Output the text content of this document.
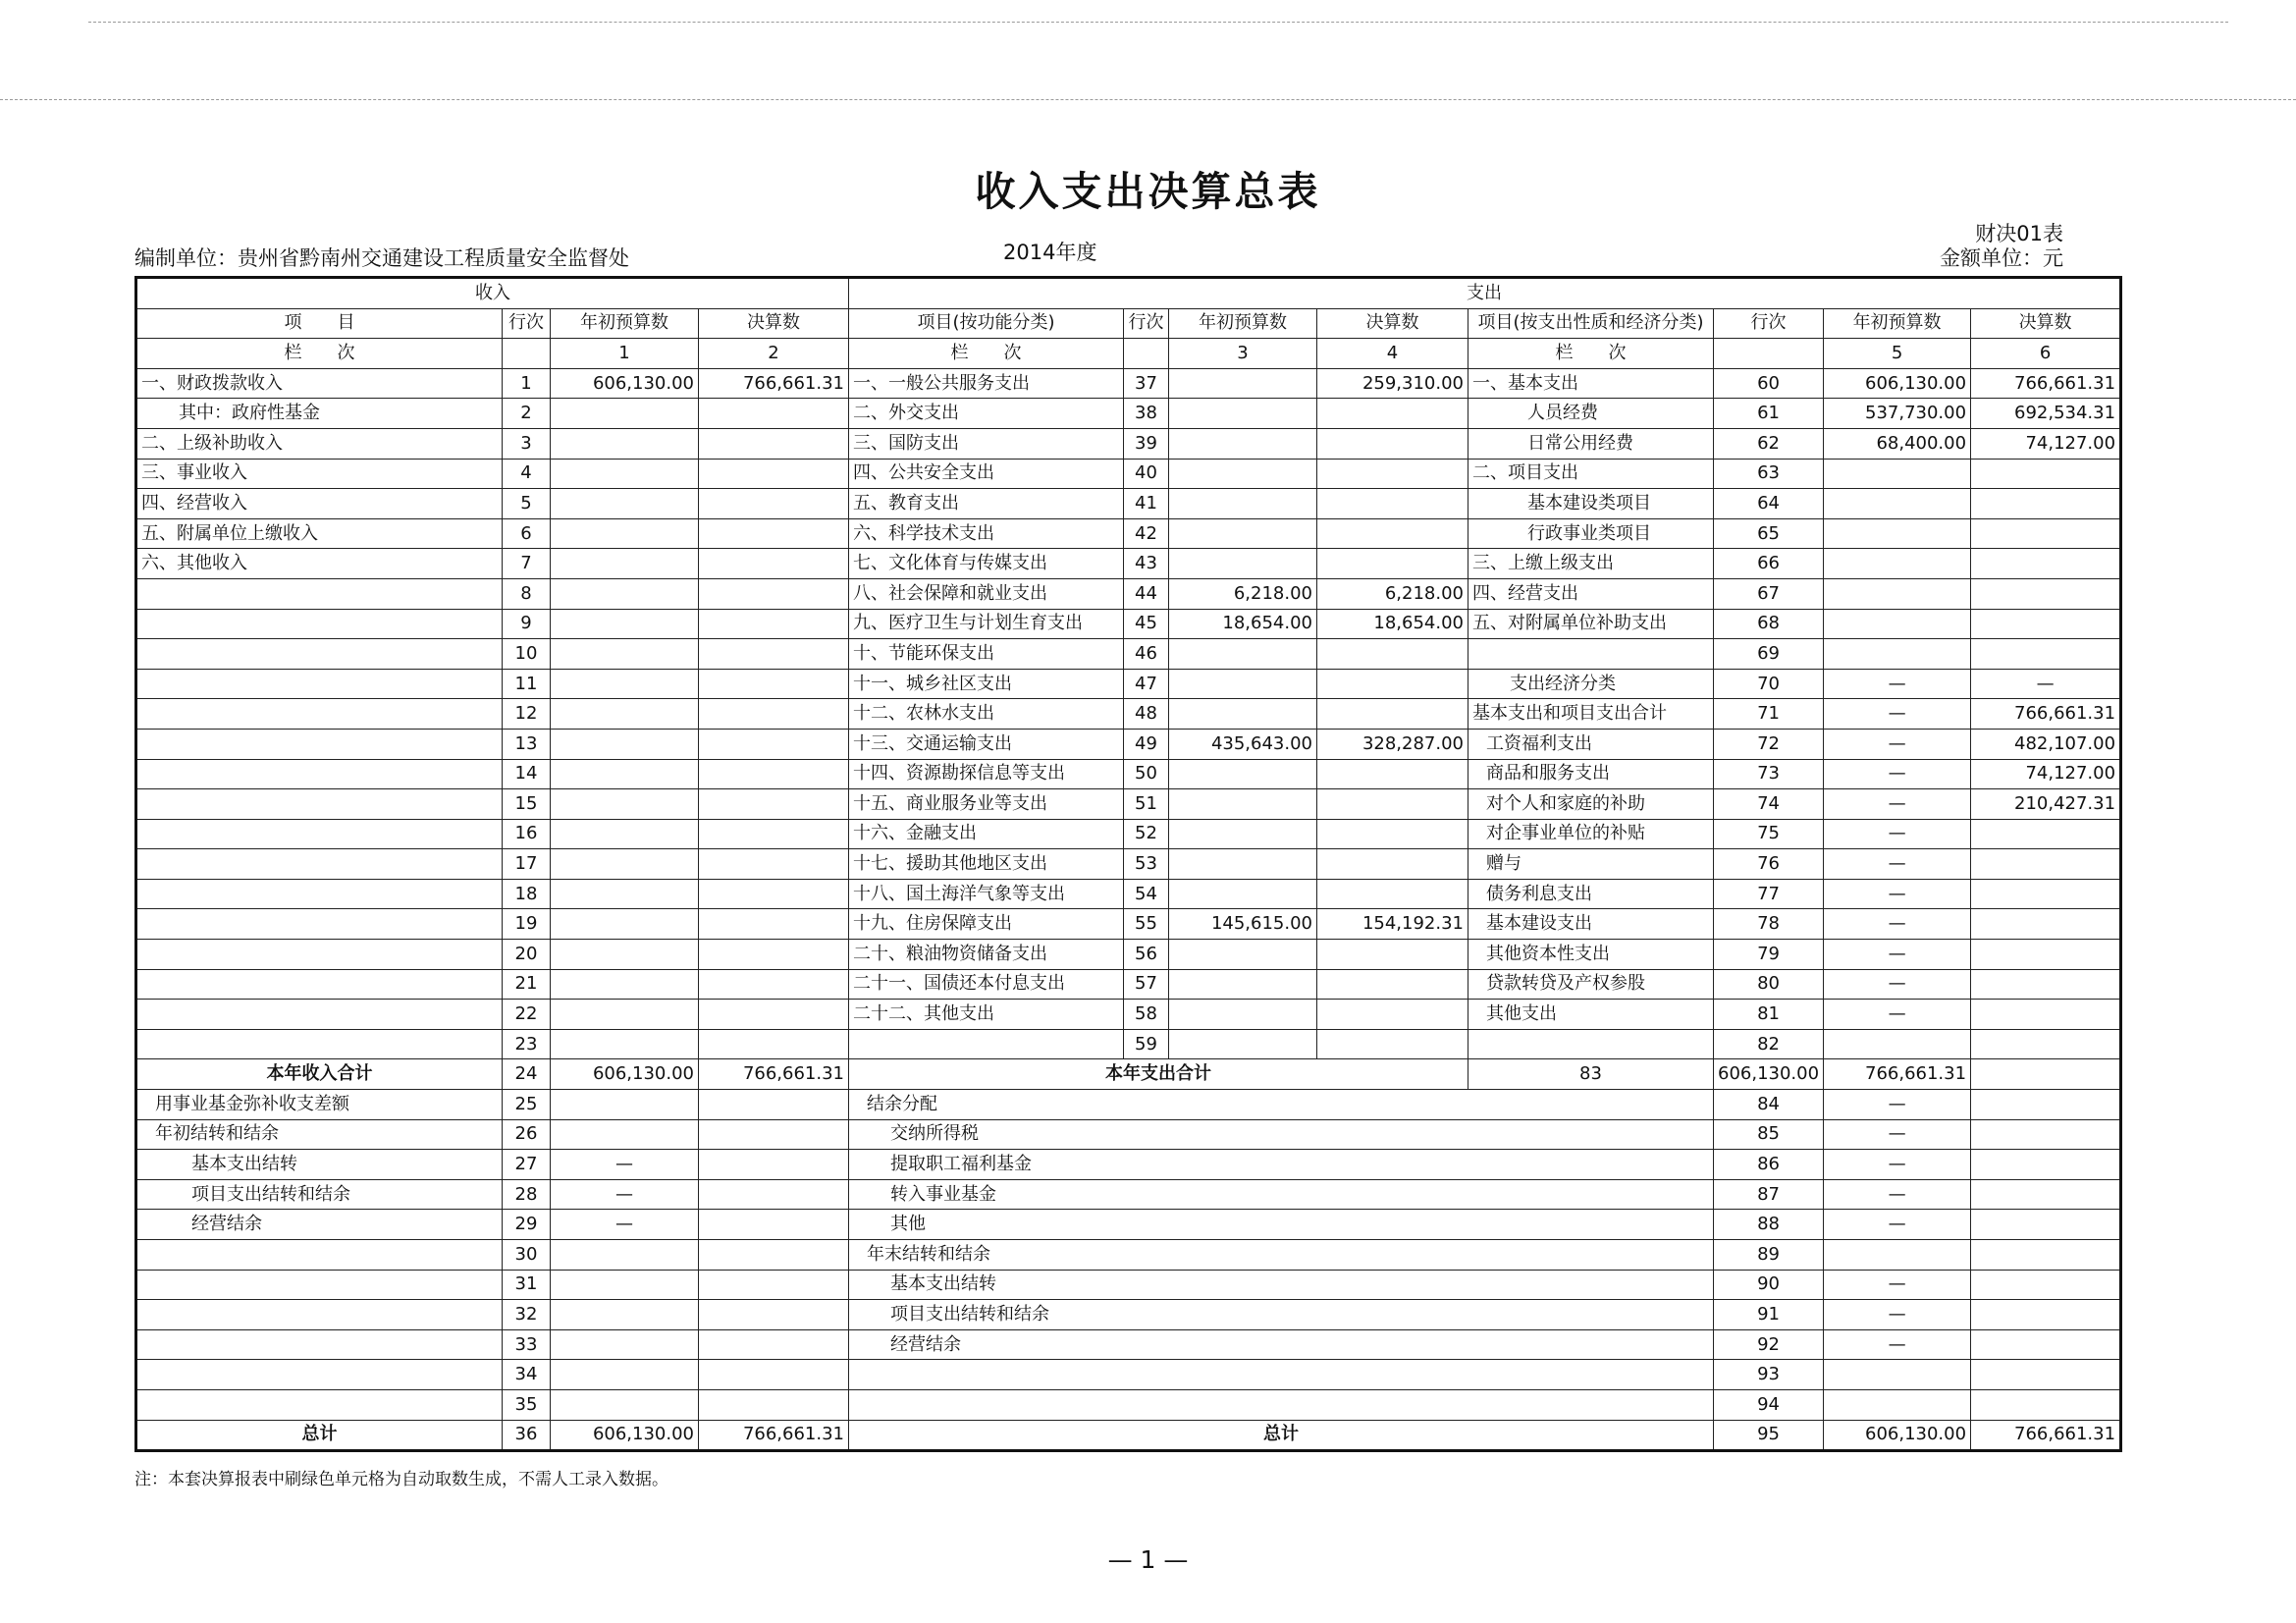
收入支出决算总表
财决01表
编制单位：贵州省黔南州交通建设工程质量安全监督处	2014年度	金额单位：元
收入				支出							
项　　目	行次	年初预算数	决算数	项目(按功能分类)	行次	年初预算数	决算数	项目(按支出性质和经济分类)	行次	年初预算数	决算数
栏　　次		1	2	栏　　次		3	4	栏　　次		5	6
一、财政拨款收入	1	606,130.00	766,661.31	一、一般公共服务支出	37		259,310.00	一、基本支出	60	606,130.00	766,661.31
其中：政府性基金	2			二、外交支出	38			人员经费	61	537,730.00	692,534.31
二、上级补助收入	3			三、国防支出	39			日常公用经费	62	68,400.00	74,127.00
三、事业收入	4			四、公共安全支出	40			二、项目支出	63		
四、经营收入	5			五、教育支出	41			基本建设类项目	64		
五、附属单位上缴收入	6			六、科学技术支出	42			行政事业类项目	65		
六、其他收入	7			七、文化体育与传媒支出	43			三、上缴上级支出	66		
	8			八、社会保障和就业支出	44	6,218.00	6,218.00	四、经营支出	67		
	9			九、医疗卫生与计划生育支出	45	18,654.00	18,654.00	五、对附属单位补助支出	68		
	10			十、节能环保支出	46				69		
	11			十一、城乡社区支出	47			支出经济分类	70	—	—
	12			十二、农林水支出	48			基本支出和项目支出合计	71	—	766,661.31
	13			十三、交通运输支出	49	435,643.00	328,287.00	工资福利支出	72	—	482,107.00
	14			十四、资源勘探信息等支出	50			商品和服务支出	73	—	74,127.00
	15			十五、商业服务业等支出	51			对个人和家庭的补助	74	—	210,427.31
	16			十六、金融支出	52			对企事业单位的补贴	75	—	
	17			十七、援助其他地区支出	53			赠与	76	—	
	18			十八、国土海洋气象等支出	54			债务利息支出	77	—	
	19			十九、住房保障支出	55	145,615.00	154,192.31	基本建设支出	78	—	
	20			二十、粮油物资储备支出	56			其他资本性支出	79	—	
	21			二十一、国债还本付息支出	57			贷款转贷及产权参股	80	—	
	22			二十二、其他支出	58			其他支出	81	—	
	23				59				82		
本年收入合计	24	606,130.00	766,661.31	本年支出合计				83	606,130.00	766,661.31	
用事业基金弥补收支差额	25			结余分配					84	—	
年初结转和结余	26			交纳所得税					85	—	
基本支出结转	27	—		提取职工福利基金					86	—	
项目支出结转和结余	28	—		转入事业基金					87	—	
经营结余	29	—		其他					88	—	
	30			年末结转和结余					89		
	31			基本支出结转					90	—	
	32			项目支出结转和结余					91	—	
	33			经营结余					92	—	
	34								93		
	35								94		
总计	36	606,130.00	766,661.31	总计					95	606,130.00	766,661.31
注：本套决算报表中刷绿色单元格为自动取数生成，不需人工录入数据。
— 1 —
